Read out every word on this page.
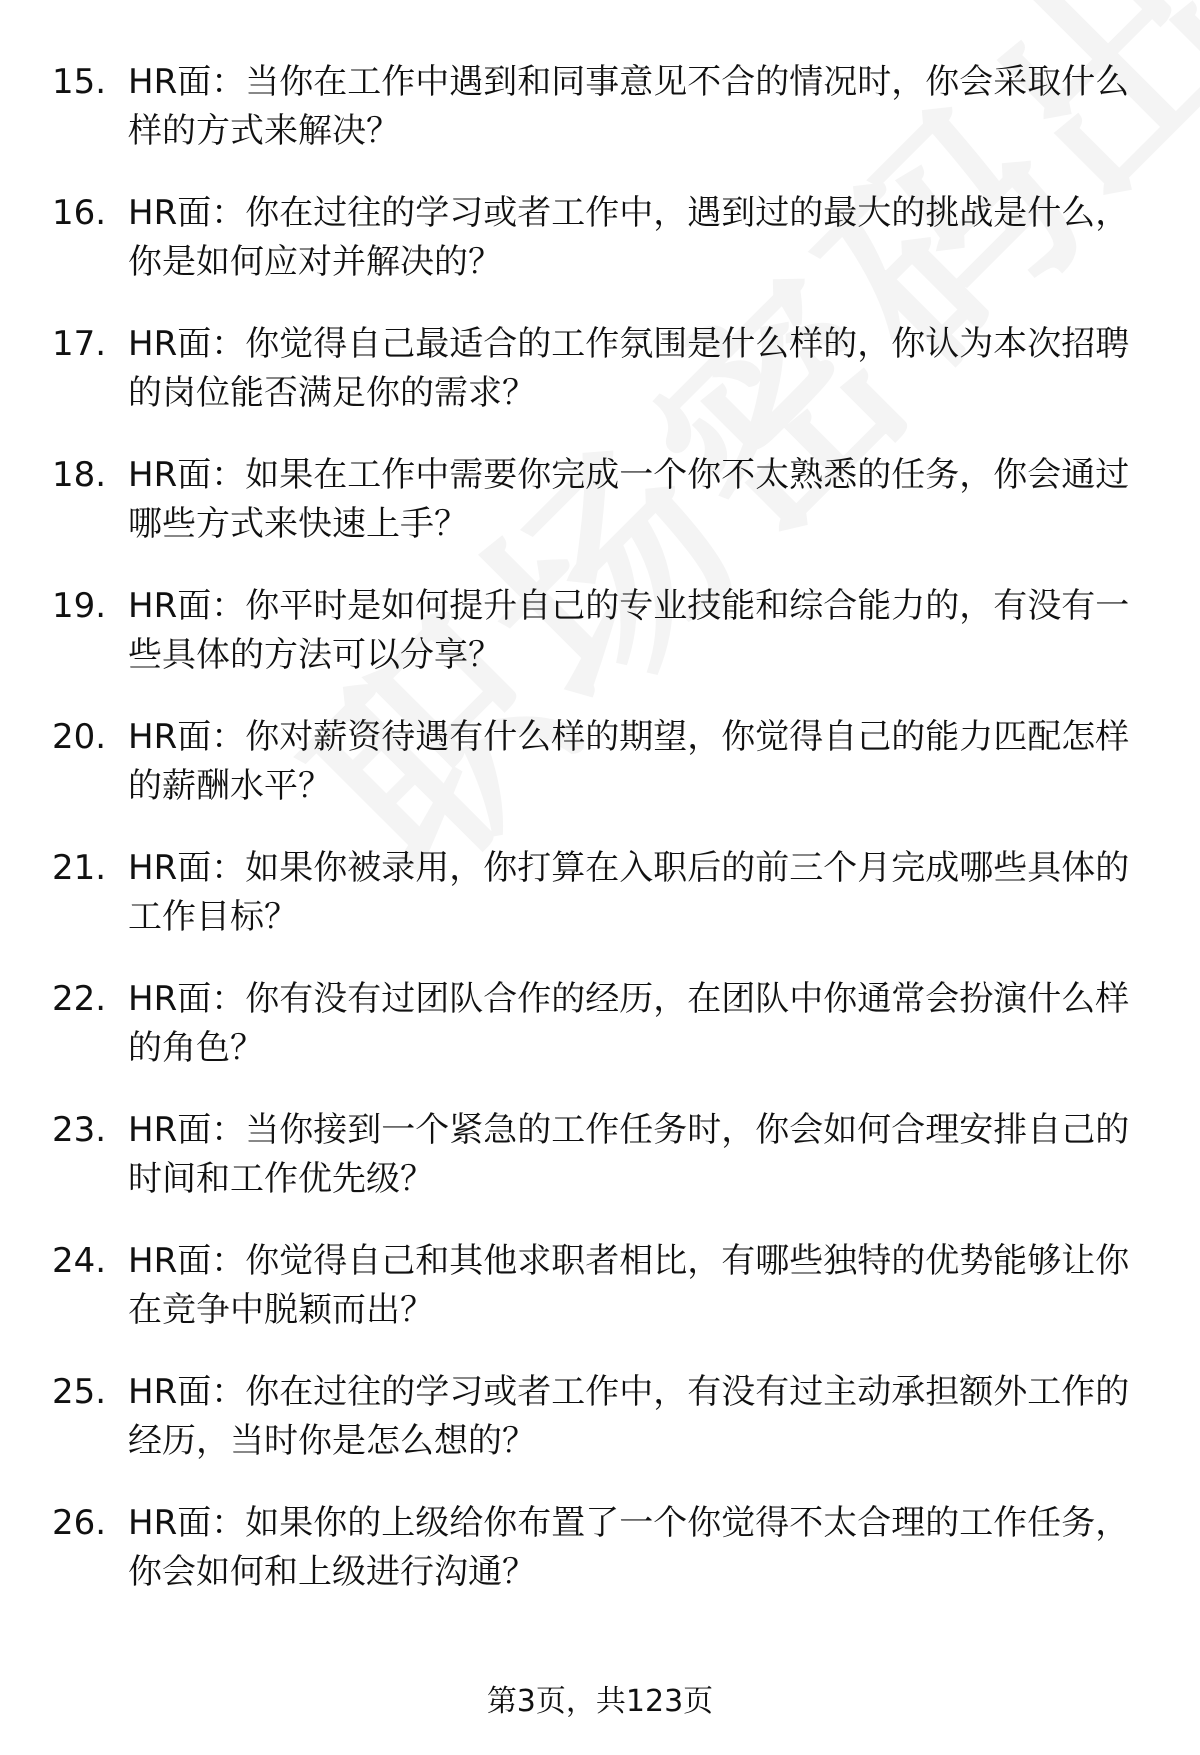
15. HR面：当你在工作中遇到和同事意见不合的情况时，你会采取什么样的方式来解决？
16. HR面：你在过往的学习或者工作中，遇到过的最大的挑战是什么，你是如何应对并解决的？
17. HR面：你觉得自己最适合的工作氛围是什么样的，你认为本次招聘的岗位能否满足你的需求？
18. HR面：如果在工作中需要你完成一个你不太熟悉的任务，你会通过哪些方式来快速上手？
19. HR面：你平时是如何提升自己的专业技能和综合能力的，有没有一些具体的方法可以分享？
20. HR面：你对薪资待遇有什么样的期望，你觉得自己的能力匹配怎样的薪酬水平？
21. HR面：如果你被录用，你打算在入职后的前三个月完成哪些具体的工作目标？
22. HR面：你有没有过团队合作的经历，在团队中你通常会扮演什么样的角色？
23. HR面：当你接到一个紧急的工作任务时，你会如何合理安排自己的时间和工作优先级？
24. HR面：你觉得自己和其他求职者相比，有哪些独特的优势能够让你在竞争中脱颖而出？
25. HR面：你在过往的学习或者工作中，有没有过主动承担额外工作的经历，当时你是怎么想的？
26. HR面：如果你的上级给你布置了一个你觉得不太合理的工作任务，你会如何和上级进行沟通？
第3页，共123页
